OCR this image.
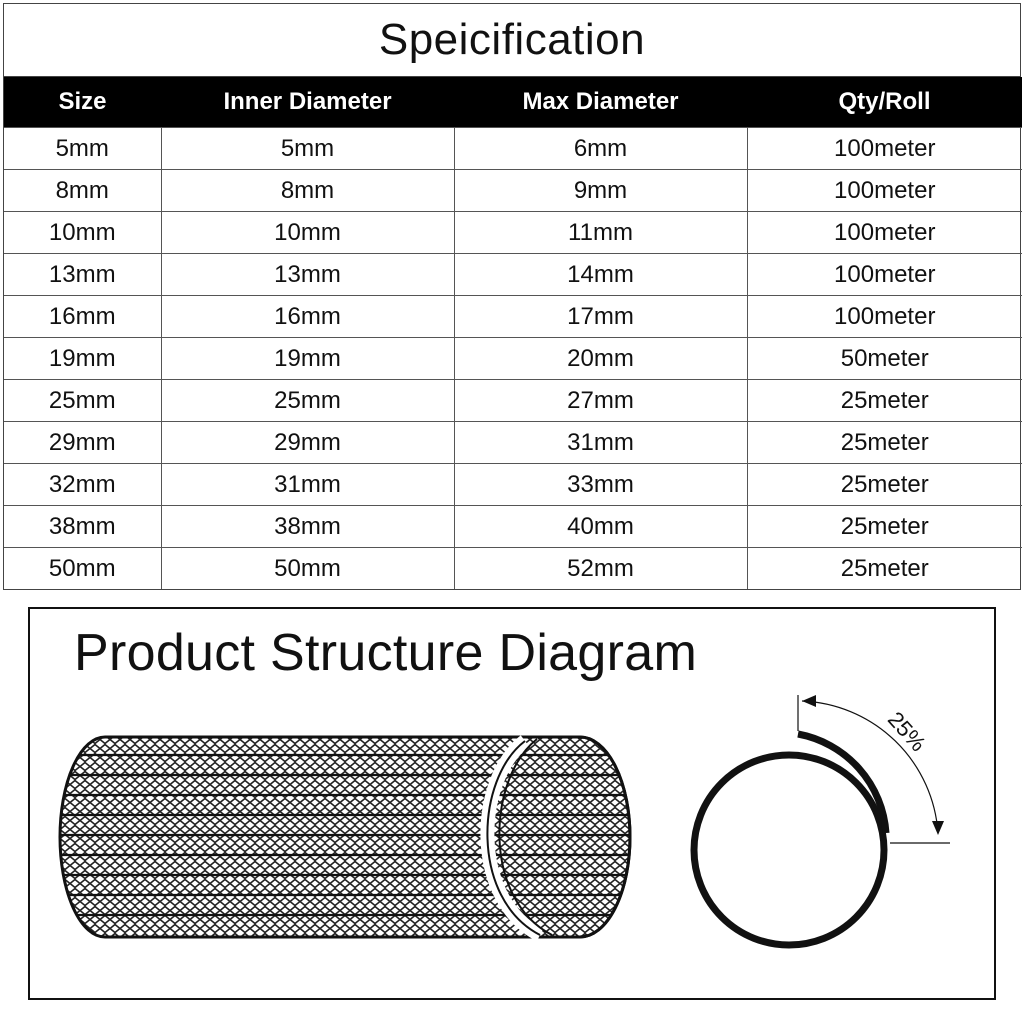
Speicification
Size	Inner Diameter	Max Diameter	Qty/Roll
5mm	5mm	6mm	100meter
8mm	8mm	9mm	100meter
10mm	10mm	11mm	100meter
13mm	13mm	14mm	100meter
16mm	16mm	17mm	100meter
19mm	19mm	20mm	50meter
25mm	25mm	27mm	25meter
29mm	29mm	31mm	25meter
32mm	31mm	33mm	25meter
38mm	38mm	40mm	25meter
50mm	50mm	52mm	25meter
Product Structure Diagram
25%
